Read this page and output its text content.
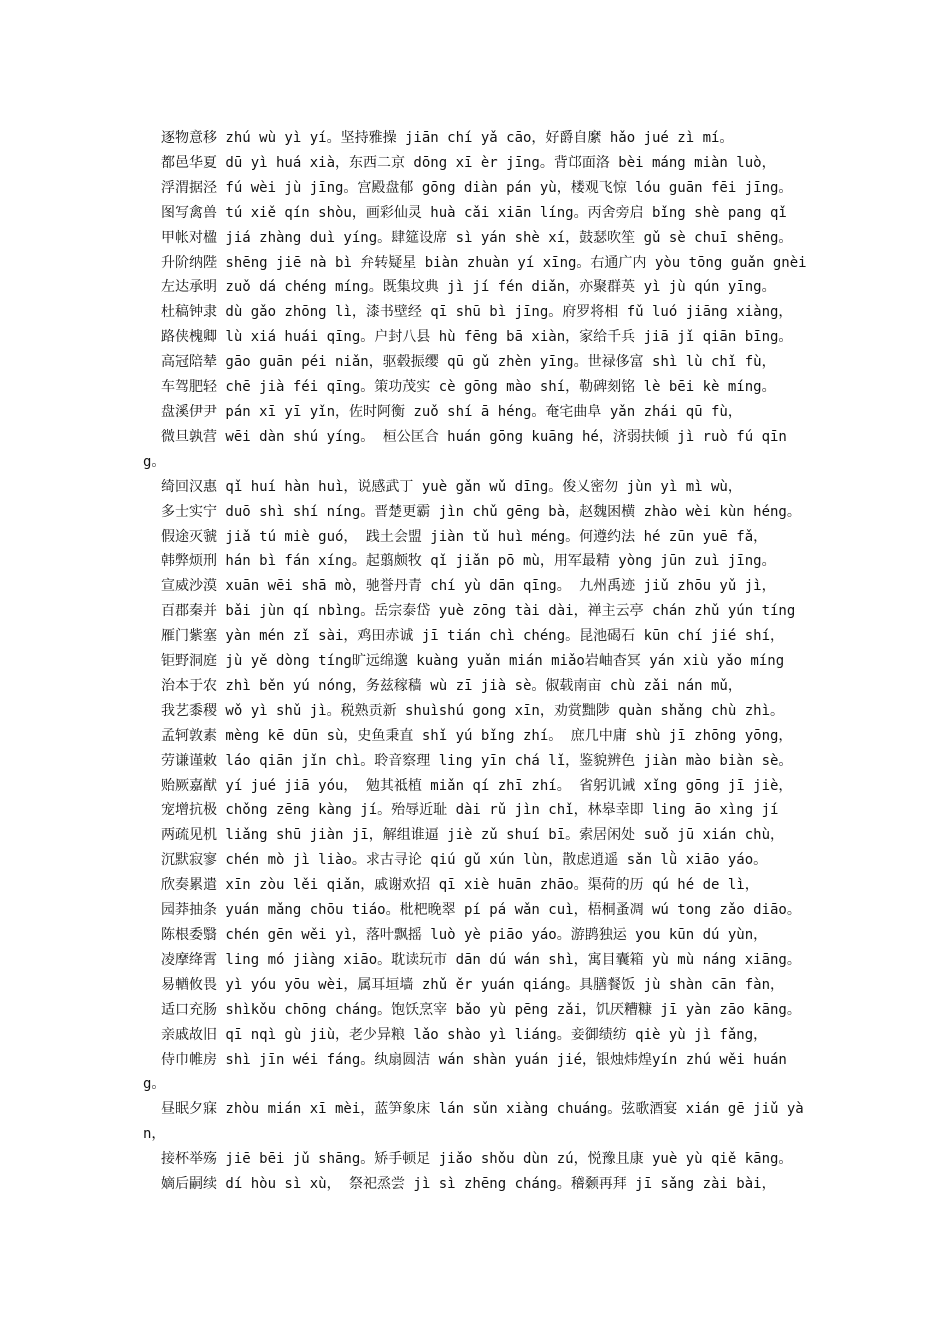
逐物意移 zhú wù yì yí。坚持雅操 jiān chí yǎ cāo，好爵自縻 hǎo jué zì mí。

都邑华夏 dū yì huá xià，东西二京 dōng xī èr jīng。背邙面洛 bèi máng miàn luò，

浮渭据泾 fú wèi jù jīng。宫殿盘郁 gōng diàn pán yù，楼观飞惊 lóu guān fēi jīng。

图写禽兽 tú xiě qín shòu，画彩仙灵 huà cǎi xiān líng。丙舍旁启 bǐng shè pang qǐ

甲帐对楹 jiá zhàng duì yíng。肆筵设席 sì yán shè xí，鼓瑟吹笙 gǔ sè chuī shēng。

升阶纳陛 shēng jiē nà bì 弁转疑星 biàn zhuàn yí xīng。右通广内 yòu tōng guǎn gnèi

左达承明 zuǒ dá chéng míng。既集坟典 jì jí fén diǎn，亦聚群英 yì jù qún yīng。

杜稿钟隶 dù gǎo zhōng lì，漆书壁经 qī shū bì jīng。府罗将相 fǔ luó jiāng xiàng，

路侠槐卿 lù xiá huái qīng。户封八县 hù fēng bā xiàn，家给千兵 jiā jǐ qiān bīng。

高冠陪辇 gāo guān péi niǎn，驱毂振缨 qū gǔ zhèn yīng。世禄侈富 shì lù chǐ fù，

车驾肥轻 chē jià féi qīng。策功茂实 cè gōng mào shí，勒碑刻铭 lè bēi kè míng。

盘溪伊尹 pán xī yī yǐn，佐时阿衡 zuǒ shí ā héng。奄宅曲阜 yǎn zhái qū fù，

微旦孰营 wēi dàn shú yíng。 桓公匡合 huán gōng kuāng hé，济弱扶倾 jì ruò fú qīng。

绮回汉惠 qǐ huí hàn huì，说感武丁 yuè gǎn wǔ dīng。俊乂密勿 jùn yì mì wù，

多士实宁 duō shì shí níng。晋楚更霸 jìn chǔ gēng bà，赵魏困横 zhào wèi kùn héng。

假途灭虢 jiǎ tú miè guó， 践土会盟 jiàn tǔ huì méng。何遵约法 hé zūn yuē fǎ，

韩弊烦刑 hán bì fán xíng。起翦颇牧 qǐ jiǎn pō mù，用军最精 yòng jūn zuì jīng。

宣威沙漠 xuān wēi shā mò，驰誉丹青 chí yù dān qīng。 九州禹迹 jiǔ zhōu yǔ jì，

百郡秦并 bǎi jùn qí nbìng。岳宗泰岱 yuè zōng tài dài，禅主云亭 chán zhǔ yún tíng

雁门紫塞 yàn mén zǐ sài，鸡田赤诚 jī tián chì chéng。昆池碣石 kūn chí jié shí，

钜野洞庭 jù yě dòng tíng旷远绵邈 kuàng yuǎn mián miǎo岩岫杳冥 yán xiù yǎo míng

治本于农 zhì běn yú nóng，务兹稼穑 wù zī jià sè。俶载南亩 chù zǎi nán mǔ，

我艺黍稷 wǒ yì shǔ jì。税熟贡新 shuìshú gong xīn，劝赏黜陟 quàn shǎng chù zhì。

孟轲敦素 mèng kē dūn sù，史鱼秉直 shǐ yú bǐng zhí。 庶几中庸 shù jī zhōng yōng，

劳谦谨敕 láo qiān jǐn chì。聆音察理 ling yīn chá lǐ，鉴貌辨色 jiàn mào biàn sè。

贻厥嘉猷 yí jué jiā yóu， 勉其祗植 miǎn qí zhī zhí。 省躬讥诫 xǐng gōng jī jiè，

宠增抗极 chǒng zēng kàng jí。殆辱近耻 dài rǔ jìn chǐ，林皋幸即 ling āo xìng jí

两疏见机 liǎng shū jiàn jī，解组谁逼 jiè zǔ shuí bī。索居闲处 suǒ jū xián chù，

沉默寂寥 chén mò jì liào。求古寻论 qiú gǔ xún lùn，散虑逍遥 sǎn lǜ xiāo yáo。

欣奏累遣 xīn zòu lěi qiǎn，戚谢欢招 qī xiè huān zhāo。渠荷的历 qú hé de lì，

园莽抽条 yuán mǎng chōu tiáo。枇杷晚翠 pí pá wǎn cuì，梧桐蚤凋 wú tong zǎo diāo。

陈根委翳 chén gēn wěi yì，落叶飘摇 luò yè piāo yáo。游鹍独运 you kūn dú yùn，

凌摩绛霄 ling mó jiàng xiāo。耽读玩市 dān dú wán shì，寓目囊箱 yù mù náng xiāng。

易輶攸畏 yì yóu yōu wèi，属耳垣墙 zhǔ ěr yuán qiáng。具膳餐饭 jù shàn cān fàn，

适口充肠 shìkǒu chōng cháng。饱饫烹宰 bǎo yù pēng zǎi，饥厌糟糠 jī yàn zāo kāng。

亲戚故旧 qī nqì gù jiù，老少异粮 lǎo shào yì liáng。妾御绩纺 qiè yù jì fǎng，

侍巾帷房 shì jīn wéi fáng。纨扇圆洁 wán shàn yuán jié，银烛炜煌yín zhú wěi huáng。

昼眠夕寐 zhòu mián xī mèi，蓝笋象床 lán sǔn xiàng chuáng。弦歌酒宴 xián gē jiǔ yàn，

接杯举殇 jiē bēi jǔ shāng。矫手顿足 jiǎo shǒu dùn zú，悦豫且康 yuè yù qiě kāng。

嫡后嗣续 dí hòu sì xù， 祭祀烝尝 jì sì zhēng cháng。稽颡再拜 jī sǎng zài bài，
